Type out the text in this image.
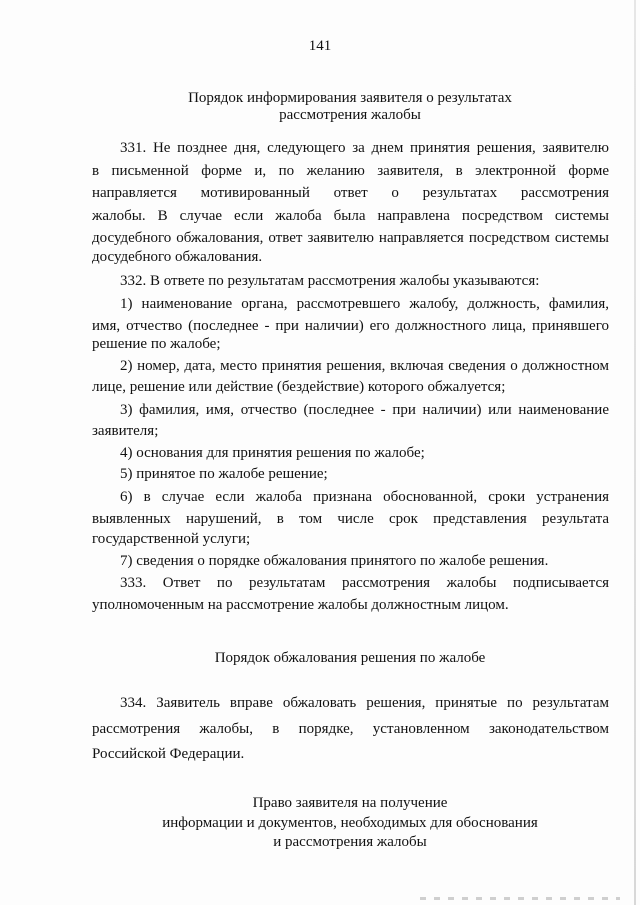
141
Порядок информирования заявителя о результатах
рассмотрения жалобы
331. Не позднее дня, следующего за днем принятия решения, заявителю
в письменной форме и, по желанию заявителя, в электронной форме
направляется мотивированный ответ о результатах рассмотрения
жалобы. В случае если жалоба была направлена посредством системы
досудебного обжалования, ответ заявителю направляется посредством системы
досудебного обжалования.
332. В ответе по результатам рассмотрения жалобы указываются:
1) наименование органа, рассмотревшего жалобу, должность, фамилия,
имя, отчество (последнее - при наличии) его должностного лица, принявшего
решение по жалобе;
2) номер, дата, место принятия решения, включая сведения о должностном
лице, решение или действие (бездействие) которого обжалуется;
3) фамилия, имя, отчество (последнее - при наличии) или наименование
заявителя;
4) основания для принятия решения по жалобе;
5) принятое по жалобе решение;
6) в случае если жалоба признана обоснованной, сроки устранения
выявленных нарушений, в том числе срок представления результата
государственной услуги;
7) сведения о порядке обжалования принятого по жалобе решения.
333. Ответ по результатам рассмотрения жалобы подписывается
уполномоченным на рассмотрение жалобы должностным лицом.
Порядок обжалования решения по жалобе
334. Заявитель вправе обжаловать решения, принятые по результатам
рассмотрения жалобы, в порядке, установленном законодательством
Российской Федерации.
Право заявителя на получение
информации и документов, необходимых для обоснования
и рассмотрения жалобы
